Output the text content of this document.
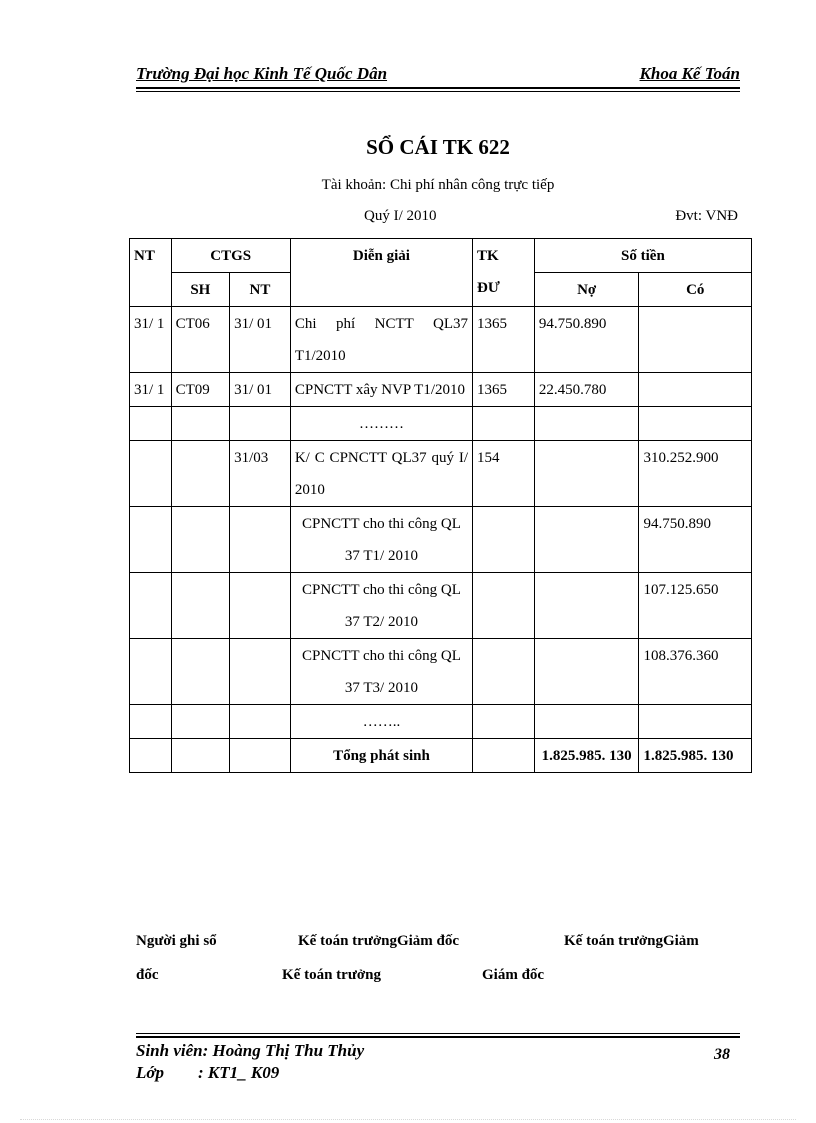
Trường Đại học Kinh Tế Quốc Dân	Khoa Kế Toán
SỔ CÁI TK 622
Tài khoản: Chi phí nhân công trực tiếp
Quý I/ 2010	Đvt: VNĐ
NT	CTGS		Diễn giải	TK     ĐƯ	Số tiền	
	SH	NT			Nợ	Có
31/ 1	CT06	31/ 01	Chi phí NCTT QL37 T1/2010	1365	94.750.890	
31/ 1	CT09	31/ 01	CPNCTT xây NVP T1/2010	1365	22.450.780	
			………			
		31/03	K/ C CPNCTT QL37 quý I/ 2010	154		310.252.900
			CPNCTT cho thi công QL 37 T1/ 2010			94.750.890
			CPNCTT cho thi công QL 37 T2/ 2010			107.125.650
			CPNCTT cho thi công QL 37 T3/ 2010			108.376.360
			……..			
			Tổng phát sinh		1.825.985. 130	1.825.985. 130
Người ghi sổ	Kế toán trưởngGiảm đốc	Kế toán trưởngGiảm
đốc	Kế toán trưởng	Giám đốc
Sinh viên: Hoàng Thị Thu Thủy
Lớp        : KT1_ K09
38
